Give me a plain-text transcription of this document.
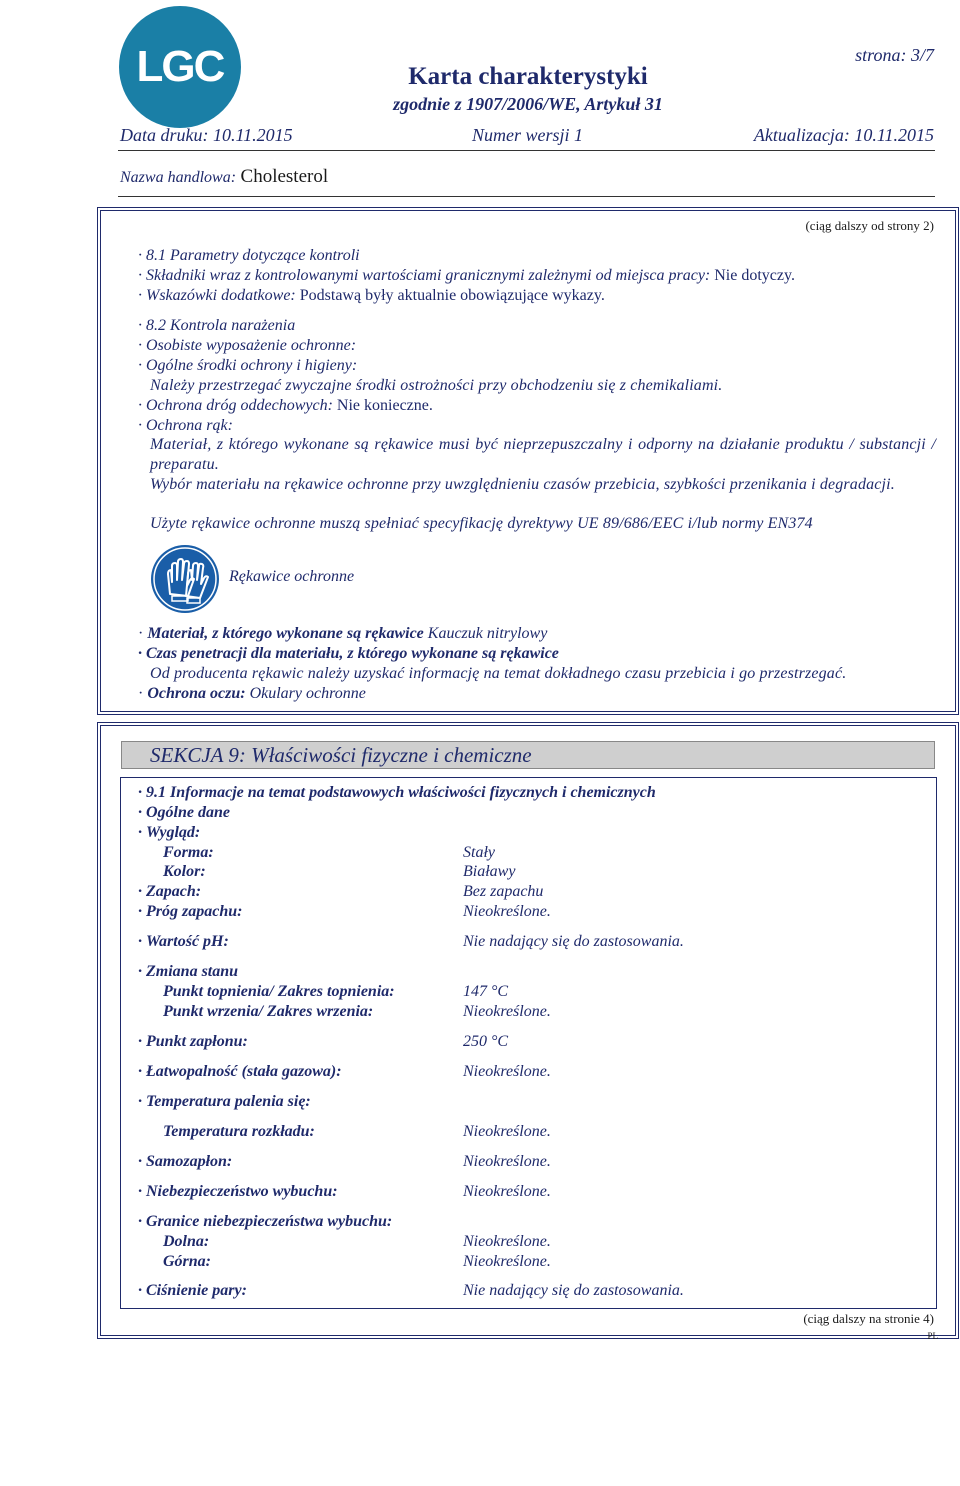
LGC	strona: 3/7
Karta charakterystyki
zgodnie z 1907/2006/WE, Artykuł 31
Data druku: 10.11.2015	Numer wersji 1	Aktualizacja: 10.11.2015
Nazwa handlowa: Cholesterol
(ciąg dalszy od strony 2)
· 8.1 Parametry dotyczące kontroli
· Składniki wraz z kontrolowanymi wartościami granicznymi zależnymi od miejsca pracy: Nie dotyczy.
· Wskazówki dodatkowe: Podstawą były aktualnie obowiązujące wykazy.
· 8.2 Kontrola narażenia
· Osobiste wyposażenie ochronne:
· Ogólne środki ochrony i higieny:
Należy przestrzegać zwyczajne środki ostrożności przy obchodzeniu się z chemikaliami.
· Ochrona dróg oddechowych: Nie konieczne.
· Ochrona rąk:
Materiał, z którego wykonane są rękawice musi być nieprzepuszczalny i odporny na działanie produktu / substancji / preparatu.
Wybór materiału na rękawice ochronne przy uwzględnieniu czasów przebicia, szybkości przenikania i degradacji.
Użyte rękawice ochronne muszą spełniać specyfikację dyrektywy UE 89/686/EEC i/lub normy EN374
Rękawice ochronne
· Materiał, z którego wykonane są rękawice Kauczuk nitrylowy
· Czas penetracji dla materiału, z którego wykonane są rękawice
Od producenta rękawic należy uzyskać informację na temat dokładnego czasu przebicia i go przestrzegać.
· Ochrona oczu: Okulary ochronne
SEKCJA 9: Właściwości fizyczne i chemiczne
· 9.1 Informacje na temat podstawowych właściwości fizycznych i chemicznych
· Ogólne dane
· Wygląd:
Forma:	Stały
Kolor:	Białawy
· Zapach:	Bez zapachu
· Próg zapachu:	Nieokreślone.
· Wartość pH:	Nie nadający się do zastosowania.
· Zmiana stanu
Punkt topnienia/ Zakres topnienia:	147 °C
Punkt wrzenia/ Zakres wrzenia:	Nieokreślone.
· Punkt zapłonu:	250 °C
· Łatwopalność (stała gazowa):	Nieokreślone.
· Temperatura palenia się:
Temperatura rozkładu:	Nieokreślone.
· Samozapłon:	Nieokreślone.
· Niebezpieczeństwo wybuchu:	Nieokreślone.
· Granice niebezpieczeństwa wybuchu:
Dolna:	Nieokreślone.
Górna:	Nieokreślone.
· Ciśnienie pary:	Nie nadający się do zastosowania.
(ciąg dalszy na stronie 4)
PL
